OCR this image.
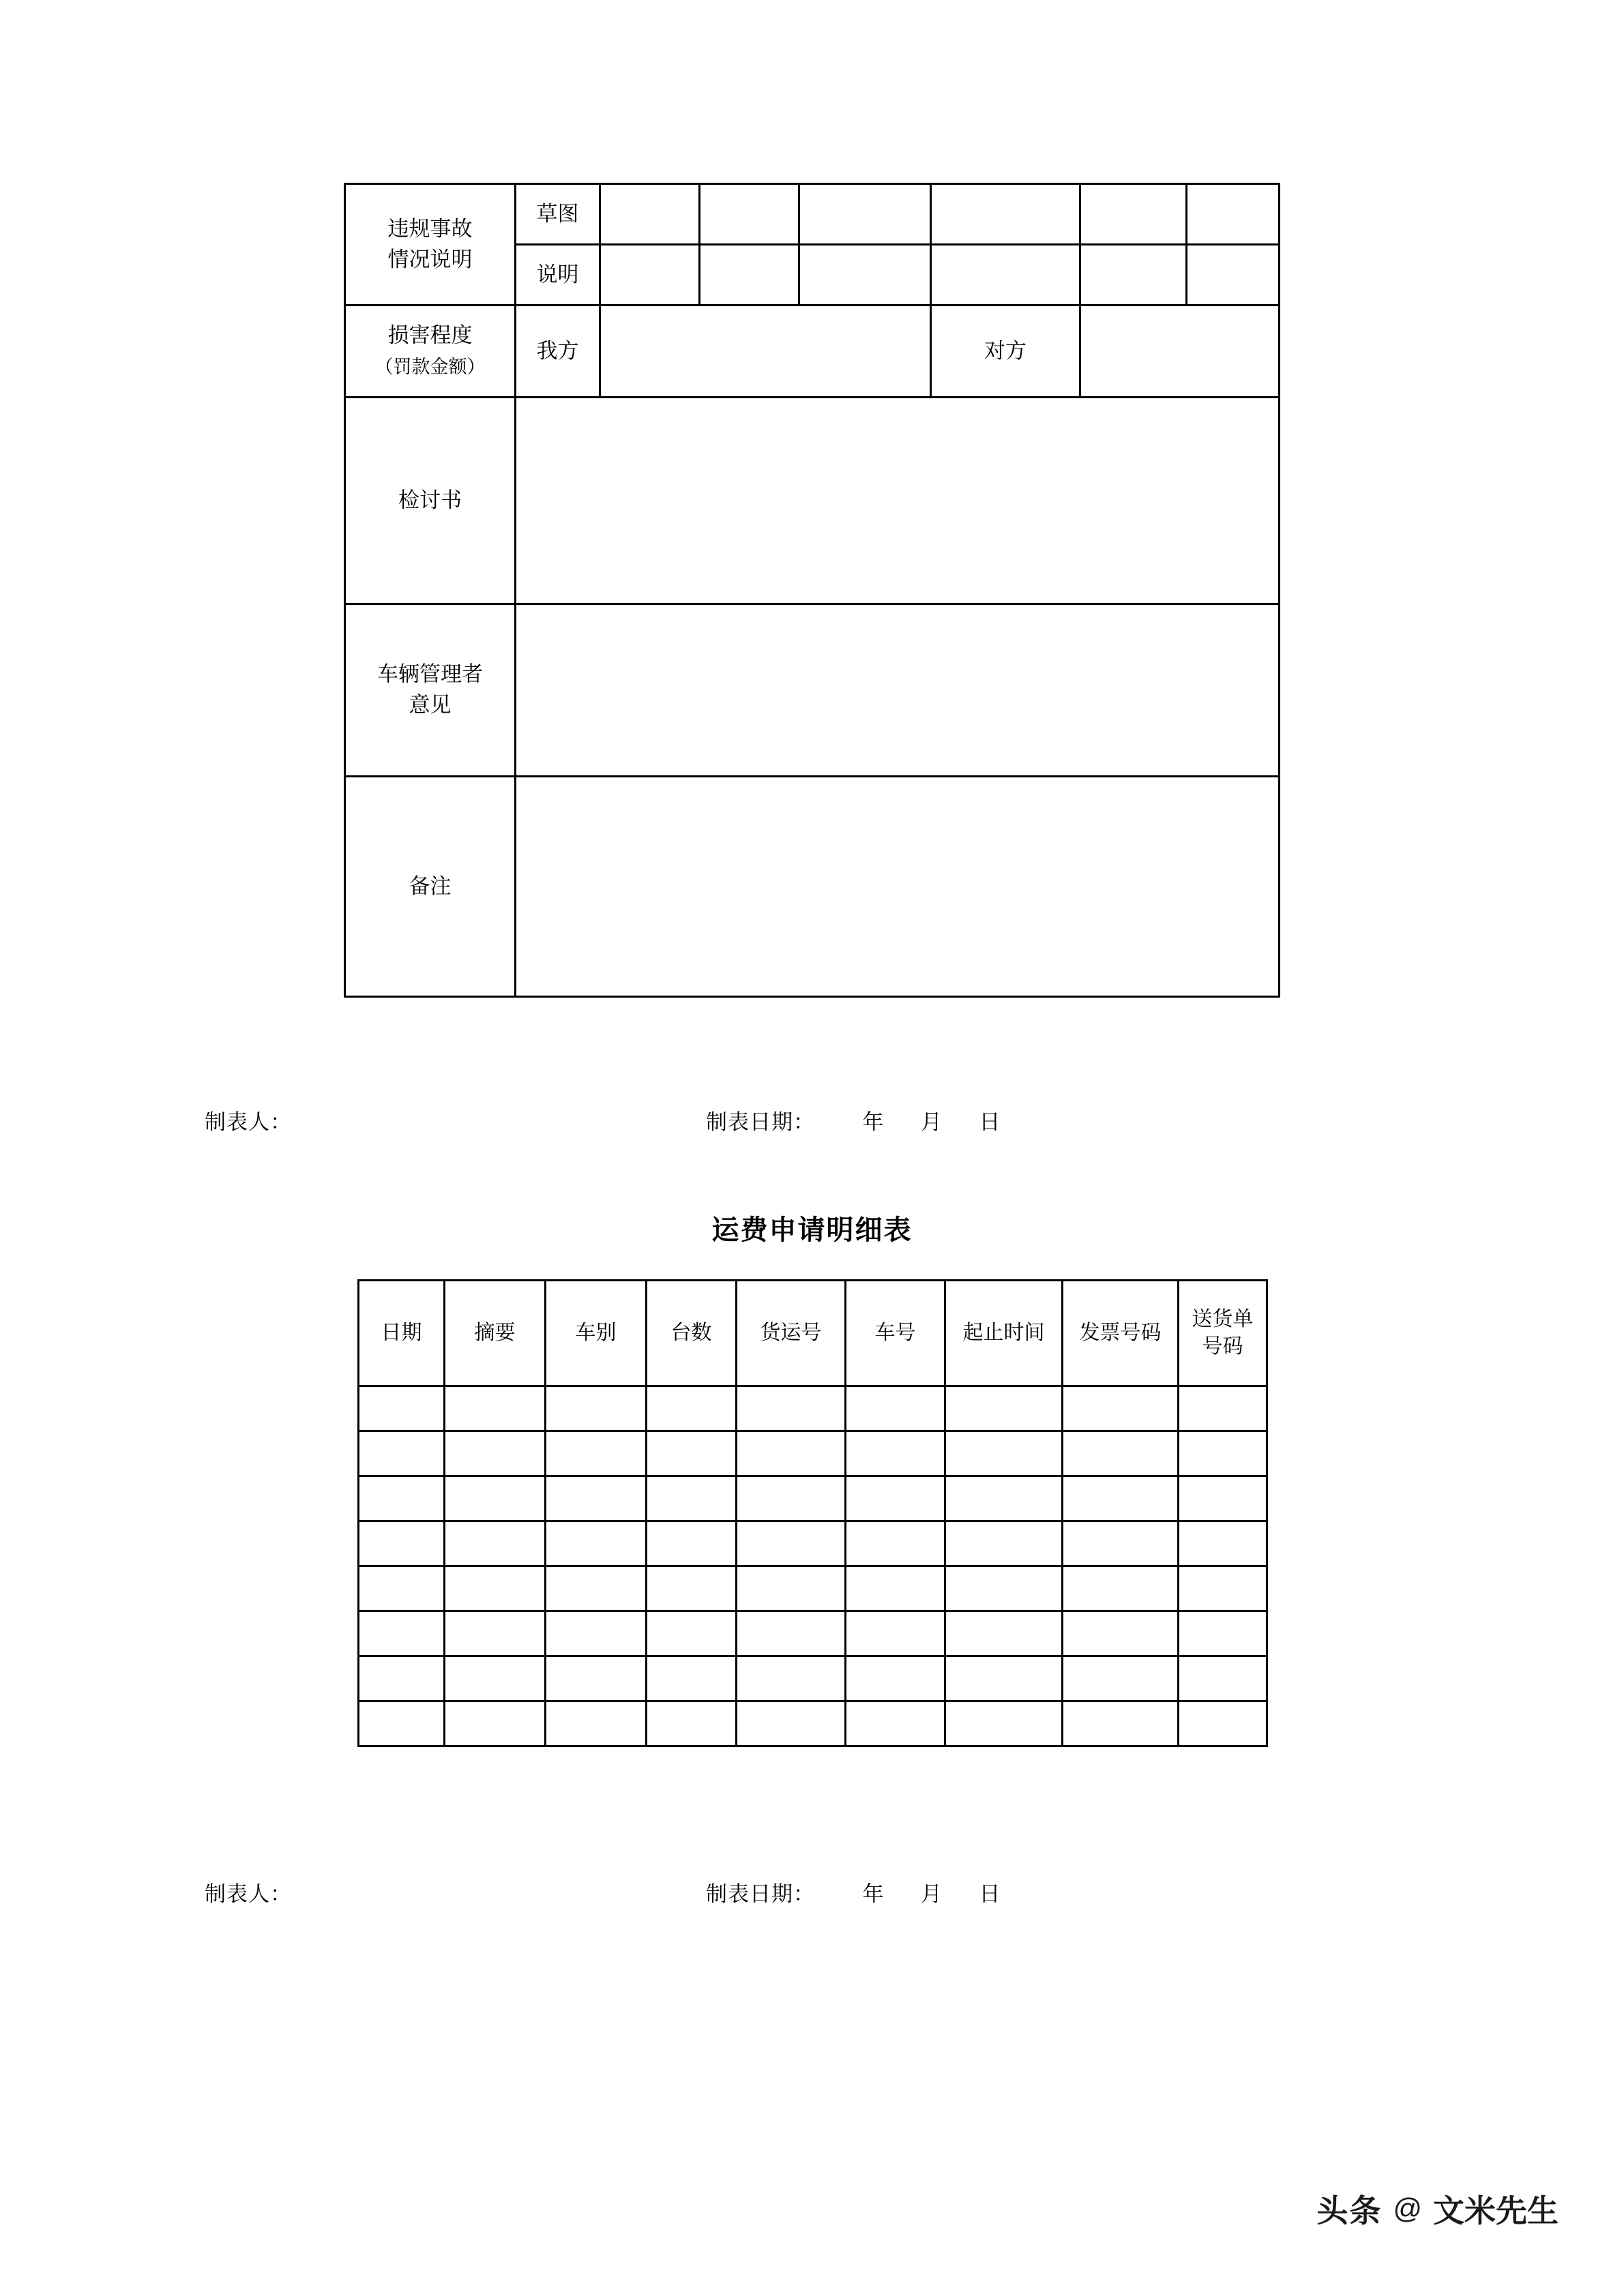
违规事故
情况说明	草图						
	说明						

损害程度
（罚款金额）	我方				对方		
检讨书							

车辆管理者
意见							

备注							
制表人：	制表日期： 年 月 日
运费申请明细表
日期	摘要	车别	台数	货运号	车号	起止时间	发票号码	送货单
号码

制表人：	制表日期： 年 月 日
头条 @ 文米先生
